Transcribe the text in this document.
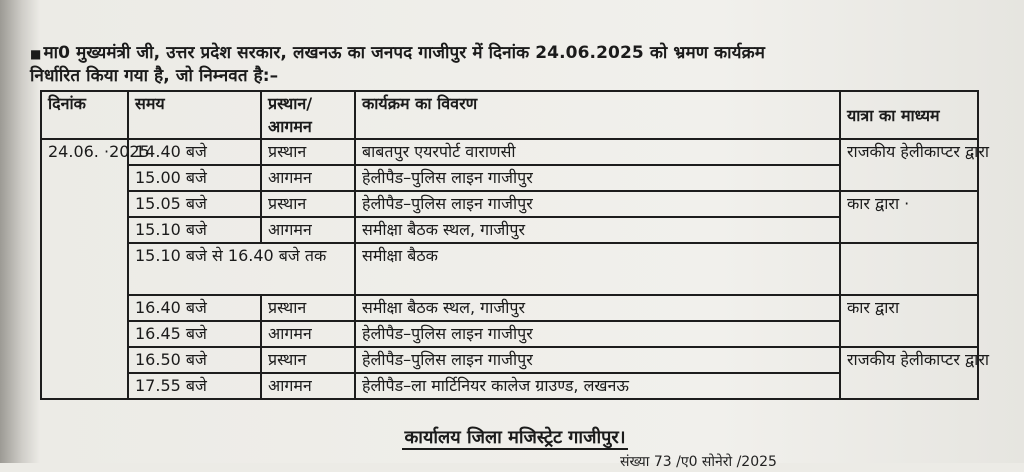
■ मा0 मुख्यमंत्री जी, उत्तर प्रदेश सरकार, लखनऊ का जनपद गाजीपुर में दिनांक 24.06.2025 को भ्रमण कार्यक्रम
निर्धारित किया गया है, जो निम्नवत है:–
दिनांक	समय	प्रस्थान/ आगमन	कार्यक्रम का विवरण	यात्रा का माध्यम
24.06. ·2025	14.40 बजे	प्रस्थान	बाबतपुर एयरपोर्ट वाराणसी	राजकीय हेलीकाप्टर द्वारा
	15.00 बजे	आगमन	हेलीपैड–पुलिस लाइन गाजीपुर	
	15.05 बजे	प्रस्थान	हेलीपैड–पुलिस लाइन गाजीपुर	कार द्वारा ·
	15.10 बजे	आगमन	समीक्षा बैठक स्थल, गाजीपुर	
	15.10 बजे से 16.40 बजे तक		समीक्षा बैठक	
	16.40 बजे	प्रस्थान	समीक्षा बैठक स्थल, गाजीपुर	कार द्वारा
	16.45 बजे	आगमन	हेलीपैड–पुलिस लाइन गाजीपुर	
	16.50 बजे	प्रस्थान	हेलीपैड–पुलिस लाइन गाजीपुर	राजकीय हेलीकाप्टर द्वारा
	17.55 बजे	आगमन	हेलीपैड–ला मार्टिनियर कालेज ग्राउण्ड, लखनऊ	
कार्यालय जिला मजिस्ट्रेट गाजीपुर।
संख्या 73 /ए0 सोनेरो /2025
